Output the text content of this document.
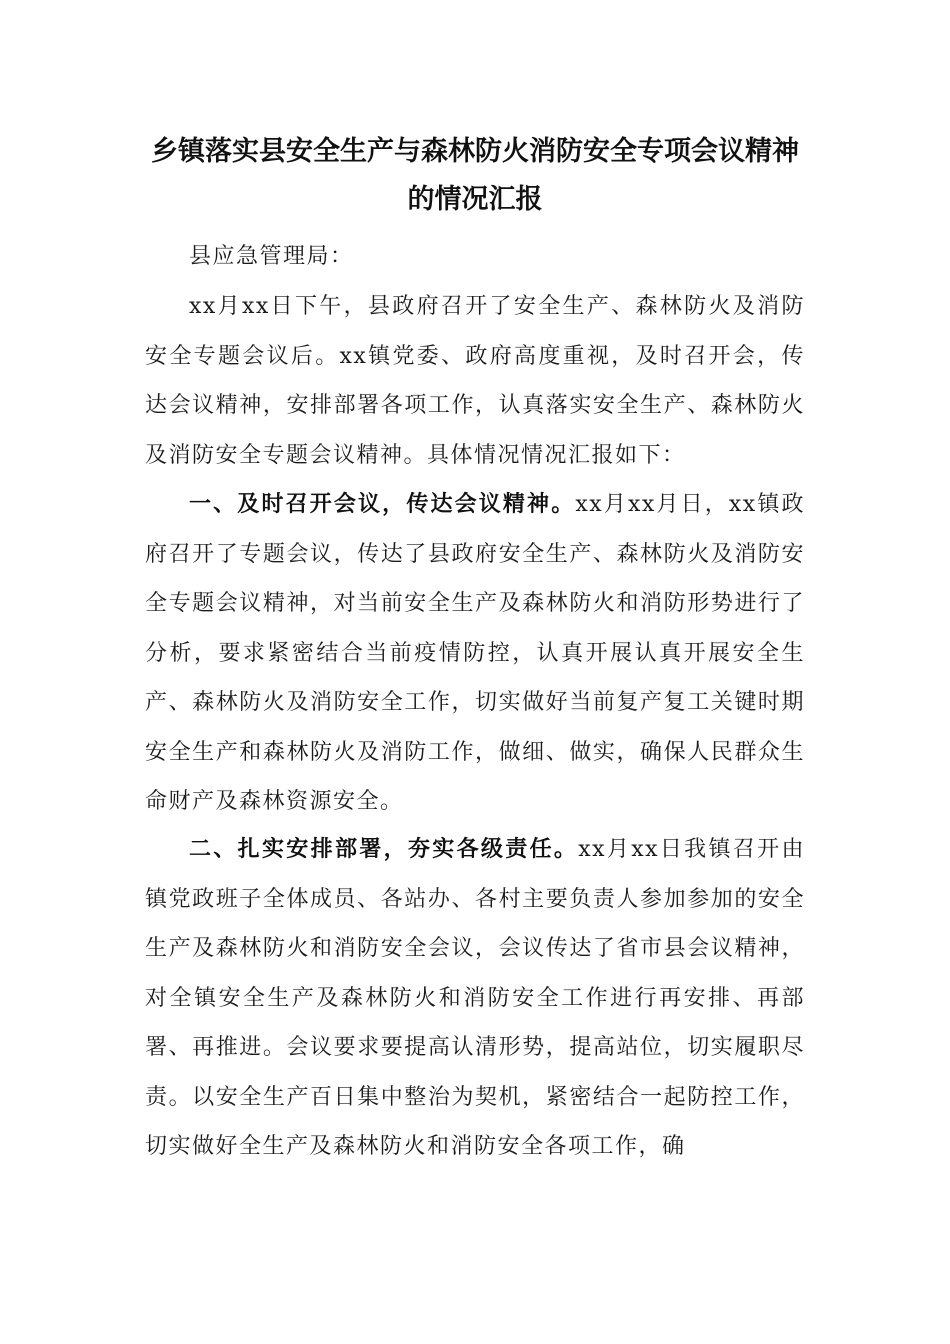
乡镇落实县安全生产与森林防火消防安全专项会议精神的情况汇报

县应急管理局：

xx月xx日下午，县政府召开了安全生产、森林防火及消防安全专题会议后。xx镇党委、政府高度重视，及时召开会，传达会议精神，安排部署各项工作，认真落实安全生产、森林防火及消防安全专题会议精神。具体情况情况汇报如下：

一、及时召开会议，传达会议精神。xx月xx月日，xx镇政府召开了专题会议，传达了县政府安全生产、森林防火及消防安全专题会议精神，对当前安全生产及森林防火和消防形势进行了分析，要求紧密结合当前疫情防控，认真开展认真开展安全生产、森林防火及消防安全工作，切实做好当前复产复工关键时期安全生产和森林防火及消防工作，做细、做实，确保人民群众生命财产及森林资源安全。

二、扎实安排部署，夯实各级责任。xx月xx日我镇召开由镇党政班子全体成员、各站办、各村主要负责人参加参加的安全生产及森林防火和消防安全会议，会议传达了省市县会议精神，对全镇安全生产及森林防火和消防安全工作进行再安排、再部署、再推进。会议要求要提高认清形势，提高站位，切实履职尽责。以安全生产百日集中整治为契机，紧密结合一起防控工作，切实做好全生产及森林防火和消防安全各项工作，确
